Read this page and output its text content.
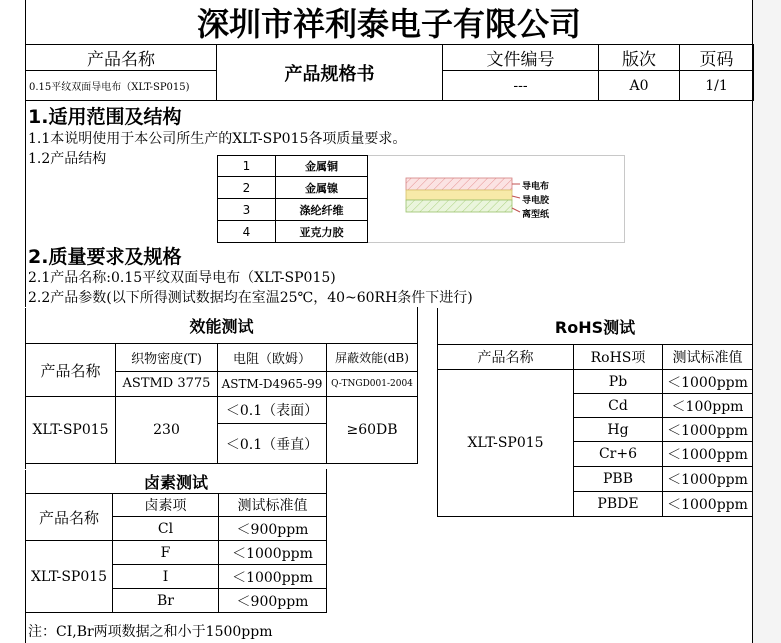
深圳市祥利泰电子有限公司
产品名称	产品规格书	文件编号	版次	页码
0.15平纹双面导电布（XLT-SP015)		---	A0	1/1
1.适用范围及结构
1.1本说明使用于本公司所生产的XLT-SP015各项质量要求。
1.2产品结构	1	金属铜
2	金属镍
3	涤纶纤维
4	亚克力胶
导电布
导电胶
离型纸
2.质量要求及规格
2.1产品名称:0.15平纹双面导电布（XLT-SP015)
2.2产品参数(以下所得测试数据均在室温25℃，40~60RH条件下进行)
效能测试			
产品名称	织物密度(T)	电阻（欧姆）	屏蔽效能(dB)
	ASTMD 3775	ASTM-D4965-99	Q-TNGD001-2004
XLT-SP015	230	＜0.1（表面）	≥60DB
		＜0.1（垂直）	
RoHS测试		
产品名称	RoHS项	测试标准值
XLT-SP015	Pb	＜1000ppm
	Cd	＜100ppm
	Hg	＜1000ppm
	Cr+6	＜1000ppm
	PBB	＜1000ppm
	PBDE	＜1000ppm
卤素测试		
产品名称	卤素项	测试标准值
	Cl	＜900ppm
XLT-SP015	F	＜1000ppm
	I	＜1000ppm
	Br	＜900ppm
注：CI,Br两项数据之和小于1500ppm
